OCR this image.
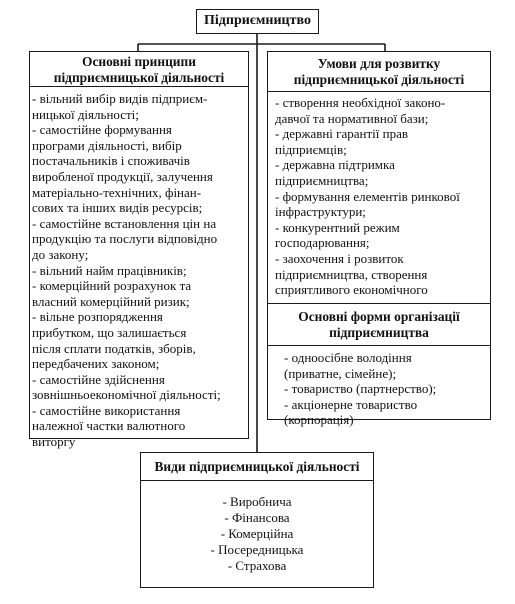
Підприємництво
Основні принципи
підприємницької діяльності
- вільний вибір видів підприєм-
ницької діяльності;
- самостійне формування
програми діяльності, вибір
постачальників і споживачів
виробленої продукції, залучення
матеріально-технічних, фінан-
сових та інших видів ресурсів;
- самостійне встановлення цін на
продукцію та послуги відповідно
до закону;
- вільний найм працівників;
- комерційний розрахунок та
власний комерційний ризик;
- вільне розпорядження
прибутком, що залишається
після сплати податків, зборів,
передбачених законом;
- самостійне здійснення
зовнішньоекономічної діяльності;
- самостійне використання
належної частки валютного
виторгу
Умови для розвитку
підприємницької діяльності
- створення необхідної законо-
давчої та нормативної бази;
- державні гарантії прав
підприємців;
- державна підтримка
підприємництва;
- формування елементів ринкової
інфраструктури;
- конкурентний режим
господарювання;
- заохочення і розвиток
підприємництва, створення
сприятливого економічного
Основні форми організації
підприємництва
- одноосібне володіння
(приватне, сімейне);
- товариство (партнерство);
- акціонерне товариство
(корпорація)
Види підприємницької діяльності
- Виробнича
- Фінансова
- Комерційна
- Посередницька
- Страхова
